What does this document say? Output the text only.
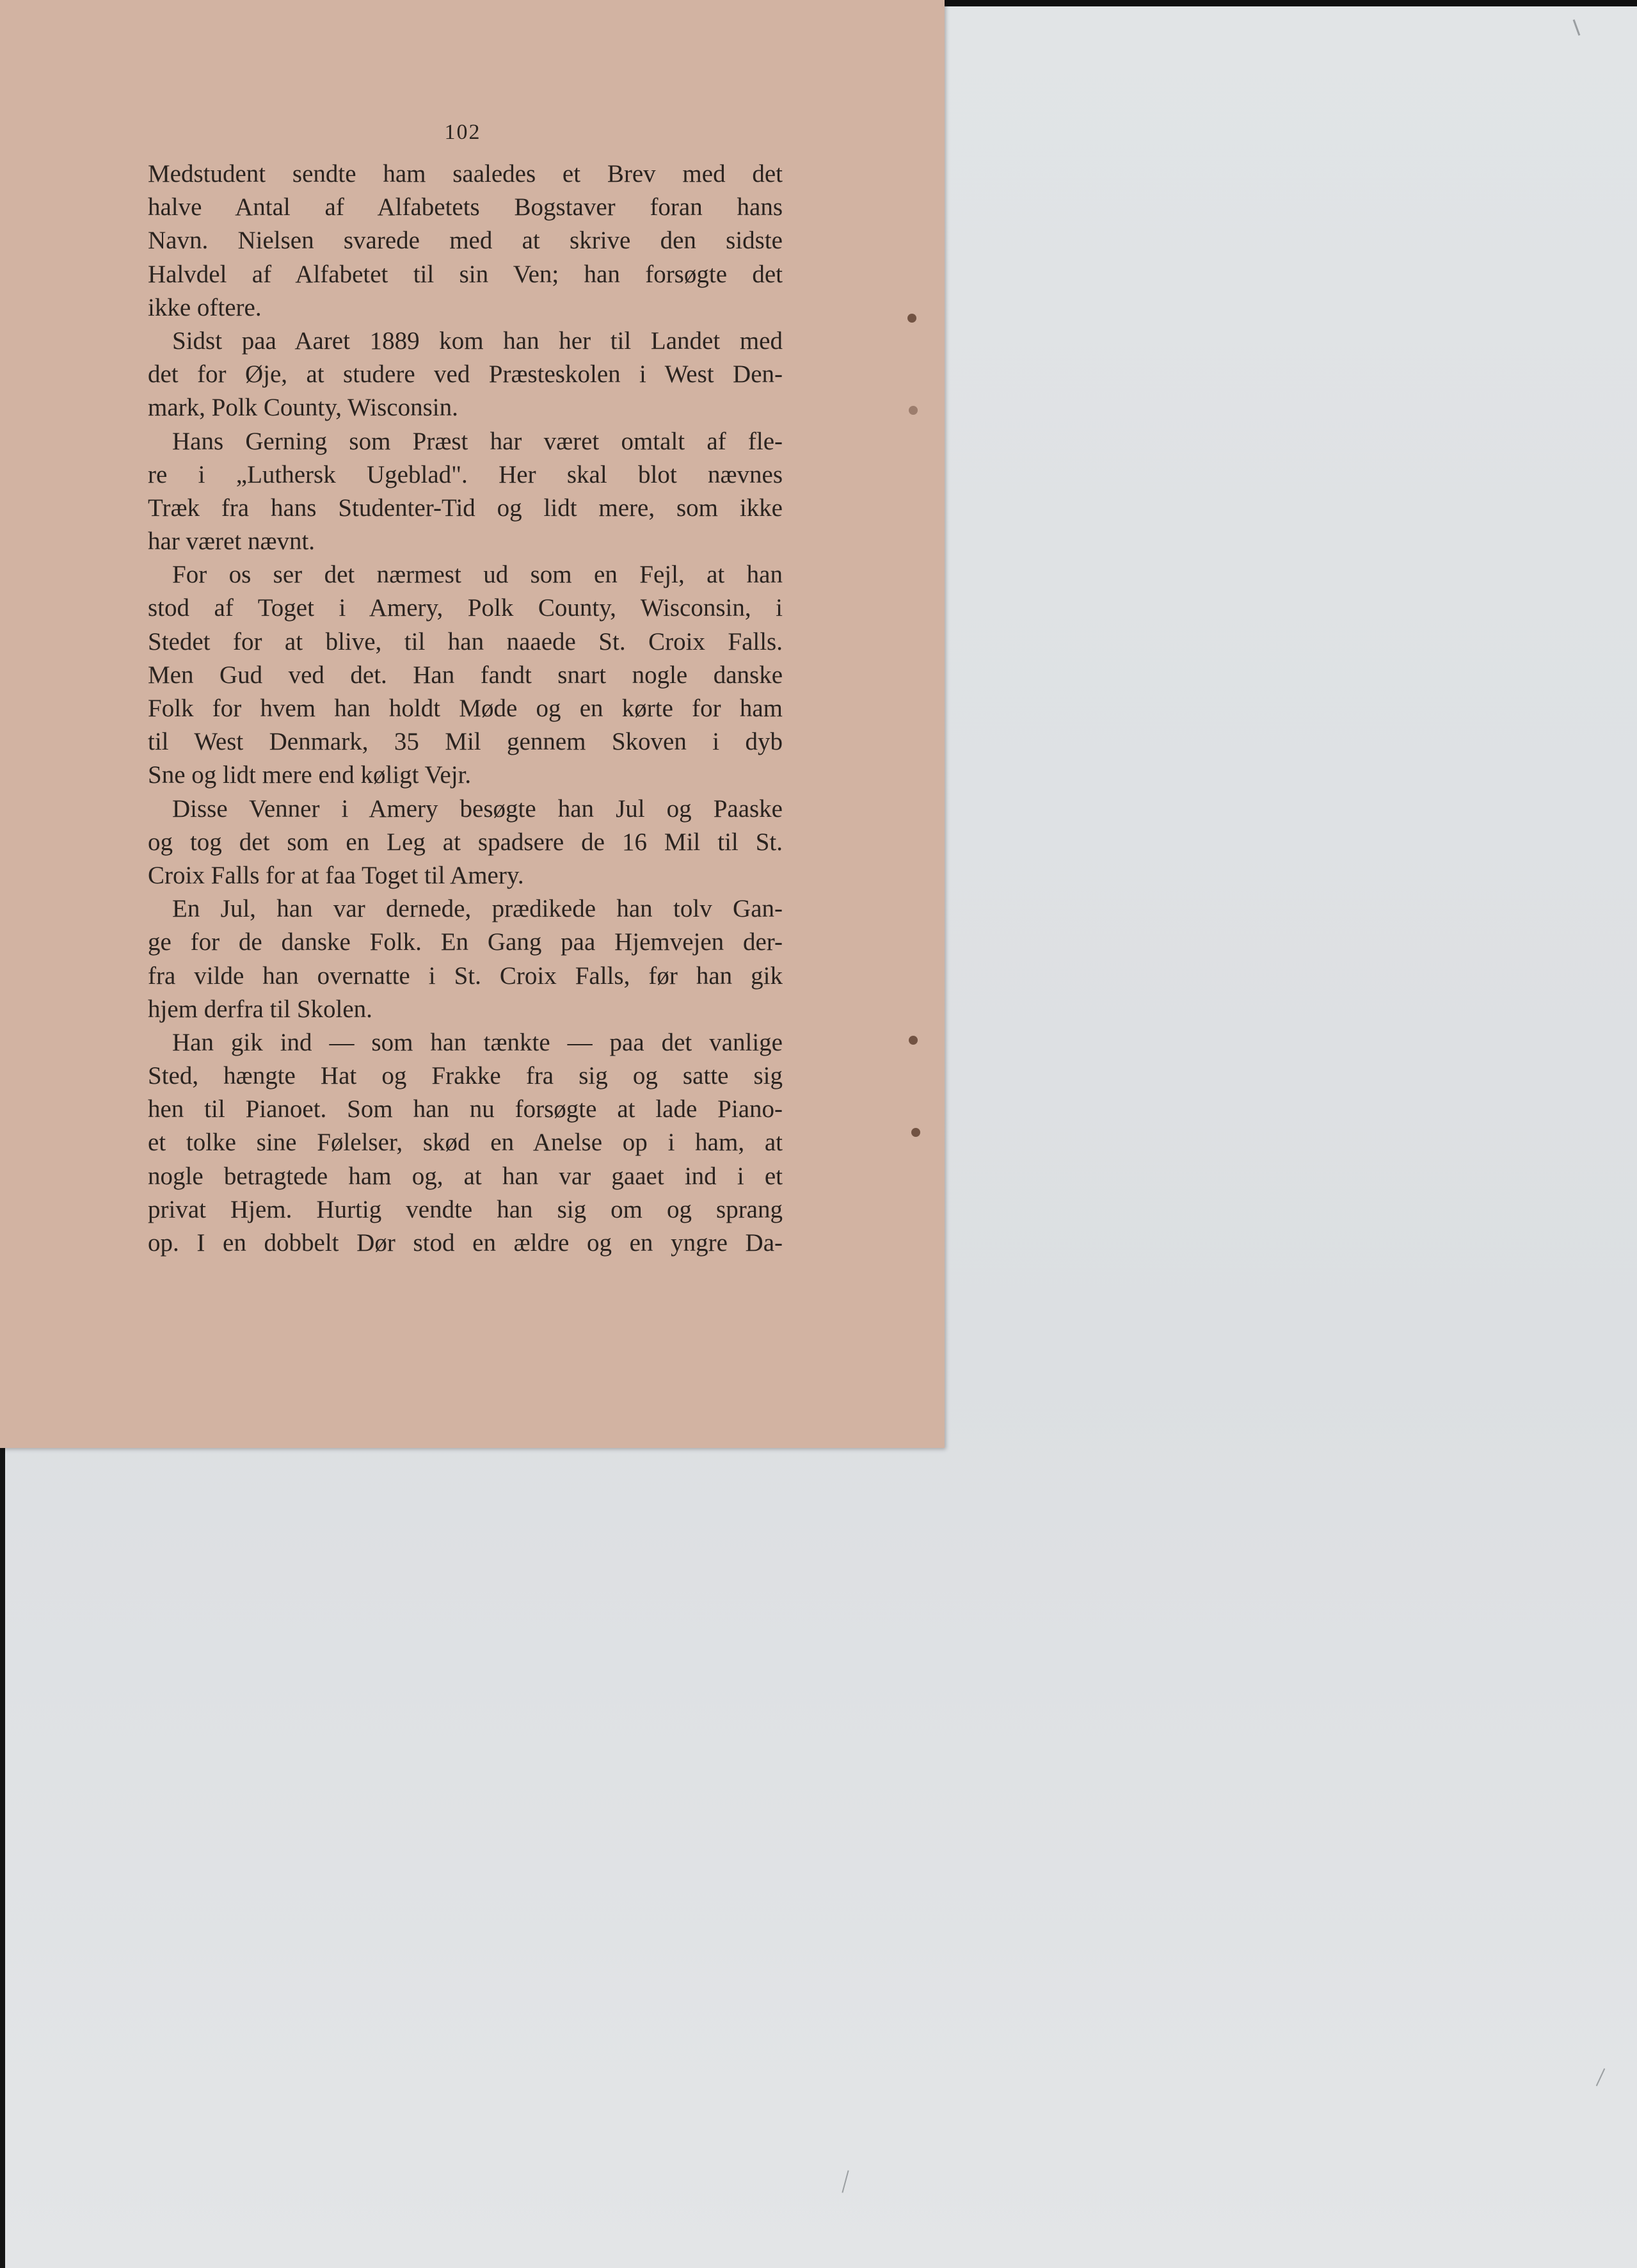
102
Medstudent sendte ham saaledes et Brev med det
halve Antal af Alfabetets Bogstaver foran hans
Navn. Nielsen svarede med at skrive den sidste
Halvdel af Alfabetet til sin Ven; han forsøgte det
ikke oftere.
Sidst paa Aaret 1889 kom han her til Landet med
det for Øje, at studere ved Præsteskolen i West Den-
mark, Polk County, Wisconsin.
Hans Gerning som Præst har været omtalt af fle-
re i „Luthersk Ugeblad". Her skal blot nævnes
Træk fra hans Studenter-Tid og lidt mere, som ikke
har været nævnt.
For os ser det nærmest ud som en Fejl, at han
stod af Toget i Amery, Polk County, Wisconsin, i
Stedet for at blive, til han naaede St. Croix Falls.
Men Gud ved det. Han fandt snart nogle danske
Folk for hvem han holdt Møde og en kørte for ham
til West Denmark, 35 Mil gennem Skoven i dyb
Sne og lidt mere end køligt Vejr.
Disse Venner i Amery besøgte han Jul og Paaske
og tog det som en Leg at spadsere de 16 Mil til St.
Croix Falls for at faa Toget til Amery.
En Jul, han var dernede, prædikede han tolv Gan-
ge for de danske Folk. En Gang paa Hjemvejen der-
fra vilde han overnatte i St. Croix Falls, før han gik
hjem derfra til Skolen.
Han gik ind — som han tænkte — paa det vanlige
Sted, hængte Hat og Frakke fra sig og satte sig
hen til Pianoet. Som han nu forsøgte at lade Piano-
et tolke sine Følelser, skød en Anelse op i ham, at
nogle betragtede ham og, at han var gaaet ind i et
privat Hjem. Hurtig vendte han sig om og sprang
op. I en dobbelt Dør stod en ældre og en yngre Da-
